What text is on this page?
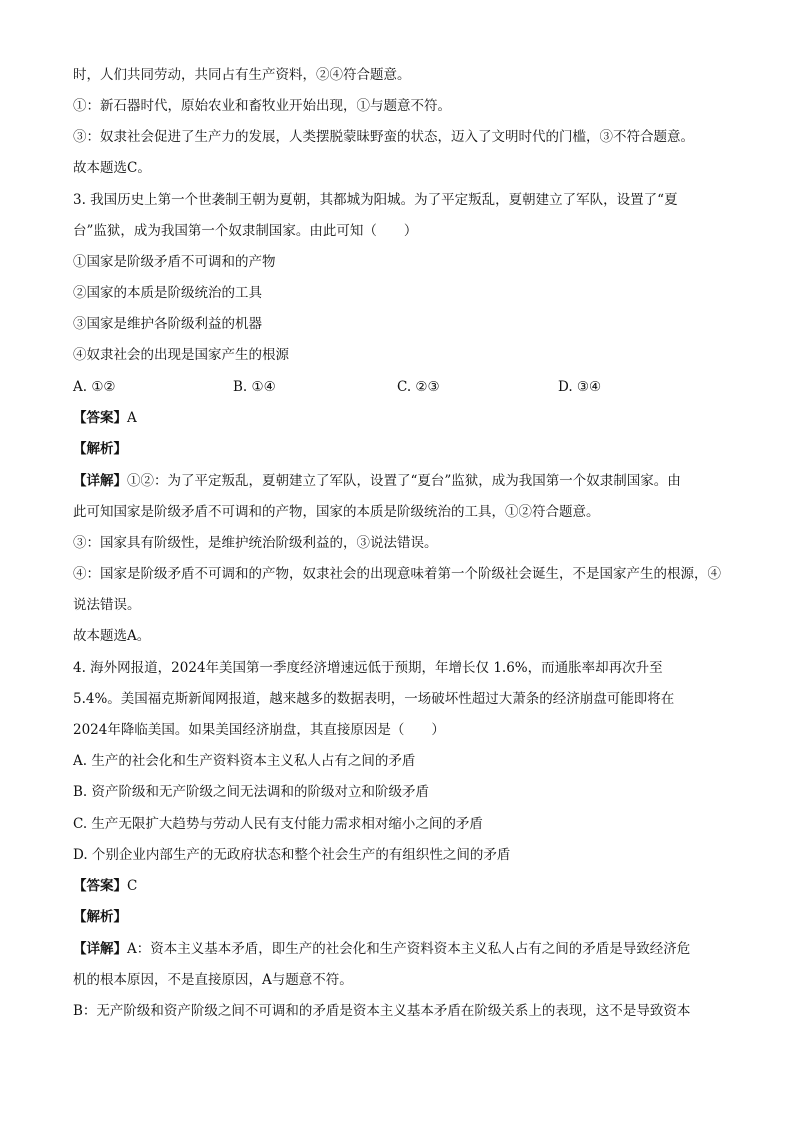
时，人们共同劳动，共同占有生产资料，②④符合题意。
①：新石器时代，原始农业和畜牧业开始出现，①与题意不符。
③：奴隶社会促进了生产力的发展，人类摆脱蒙昧野蛮的状态，迈入了文明时代的门槛，③不符合题意。
故本题选C。
3. 我国历史上第一个世袭制王朝为夏朝，其都城为阳城。为了平定叛乱，夏朝建立了军队，设置了“夏
台”监狱，成为我国第一个奴隶制国家。由此可知（　　）
①国家是阶级矛盾不可调和的产物
②国家的本质是阶级统治的工具
③国家是维护各阶级利益的机器
④奴隶社会的出现是国家产生的根源
A. ①②	B. ①④	C. ②③	D. ③④
【答案】A
【解析】
【详解】①②：为了平定叛乱，夏朝建立了军队，设置了“夏台”监狱，成为我国第一个奴隶制国家。由
此可知国家是阶级矛盾不可调和的产物，国家的本质是阶级统治的工具，①②符合题意。
③：国家具有阶级性，是维护统治阶级利益的，③说法错误。
④：国家是阶级矛盾不可调和的产物，奴隶社会的出现意味着第一个阶级社会诞生，不是国家产生的根源，④
说法错误。
故本题选A。
4. 海外网报道，2024年美国第一季度经济增速远低于预期，年增长仅 1.6%，而通胀率却再次升至
5.4%。美国福克斯新闻网报道，越来越多的数据表明，一场破坏性超过大萧条的经济崩盘可能即将在
2024年降临美国。如果美国经济崩盘，其直接原因是（　　）
A. 生产的社会化和生产资料资本主义私人占有之间的矛盾
B. 资产阶级和无产阶级之间无法调和的阶级对立和阶级矛盾
C. 生产无限扩大趋势与劳动人民有支付能力需求相对缩小之间的矛盾
D. 个别企业内部生产的无政府状态和整个社会生产的有组织性之间的矛盾
【答案】C
【解析】
【详解】A：资本主义基本矛盾，即生产的社会化和生产资料资本主义私人占有之间的矛盾是导致经济危
机的根本原因，不是直接原因，A与题意不符。
B：无产阶级和资产阶级之间不可调和的矛盾是资本主义基本矛盾在阶级关系上的表现，这不是导致资本
